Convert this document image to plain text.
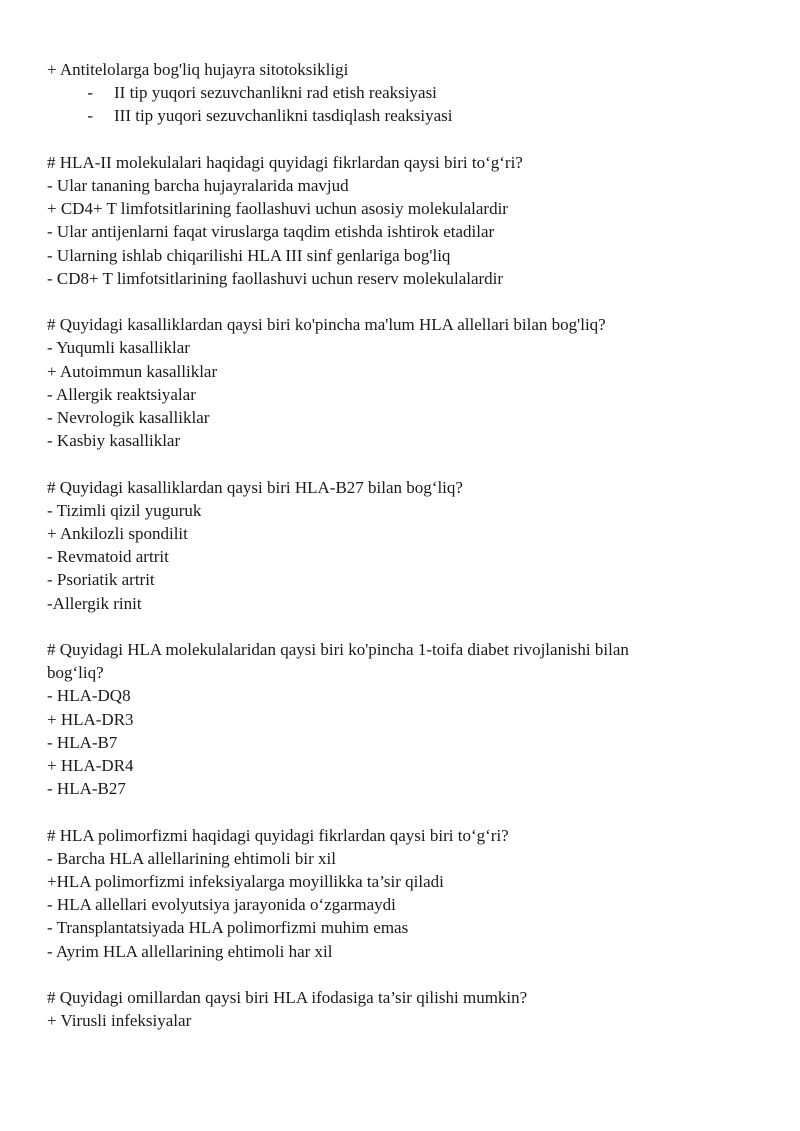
+ Antitelolarga bog'liq hujayra sitotoksikligi
-	II tip yuqori sezuvchanlikni rad etish reaksiyasi
-	III tip yuqori sezuvchanlikni tasdiqlash reaksiyasi
# HLA-II molekulalari haqidagi quyidagi fikrlardan qaysi biri to‘g‘ri?
- Ular tananing barcha hujayralarida mavjud
+ CD4+ T limfotsitlarining faollashuvi uchun asosiy molekulalardir
- Ular antijenlarni faqat viruslarga taqdim etishda ishtirok etadilar
- Ularning ishlab chiqarilishi HLA III sinf genlariga bog'liq
- CD8+ T limfotsitlarining faollashuvi uchun reserv molekulalardir
# Quyidagi kasalliklardan qaysi biri ko'pincha ma'lum HLA allellari bilan bog'liq?
- Yuqumli kasalliklar
+ Autoimmun kasalliklar
- Allergik reaktsiyalar
- Nevrologik kasalliklar
- Kasbiy kasalliklar
# Quyidagi kasalliklardan qaysi biri HLA-B27 bilan bog‘liq?
- Tizimli qizil yuguruk
+ Ankilozli spondilit
- Revmatoid artrit
- Psoriatik artrit
-Allergik rinit
# Quyidagi HLA molekulalaridan qaysi biri ko'pincha 1-toifa diabet rivojlanishi bilan
bog‘liq?
- HLA-DQ8
+ HLA-DR3
- HLA-B7
+ HLA-DR4
- HLA-B27
# HLA polimorfizmi haqidagi quyidagi fikrlardan qaysi biri to‘g‘ri?
- Barcha HLA allellarining ehtimoli bir xil
+HLA polimorfizmi infeksiyalarga moyillikka ta’sir qiladi
- HLA allellari evolyutsiya jarayonida o‘zgarmaydi
- Transplantatsiyada HLA polimorfizmi muhim emas
- Ayrim HLA allellarining ehtimoli har xil
# Quyidagi omillardan qaysi biri HLA ifodasiga ta’sir qilishi mumkin?
+ Virusli infeksiyalar
